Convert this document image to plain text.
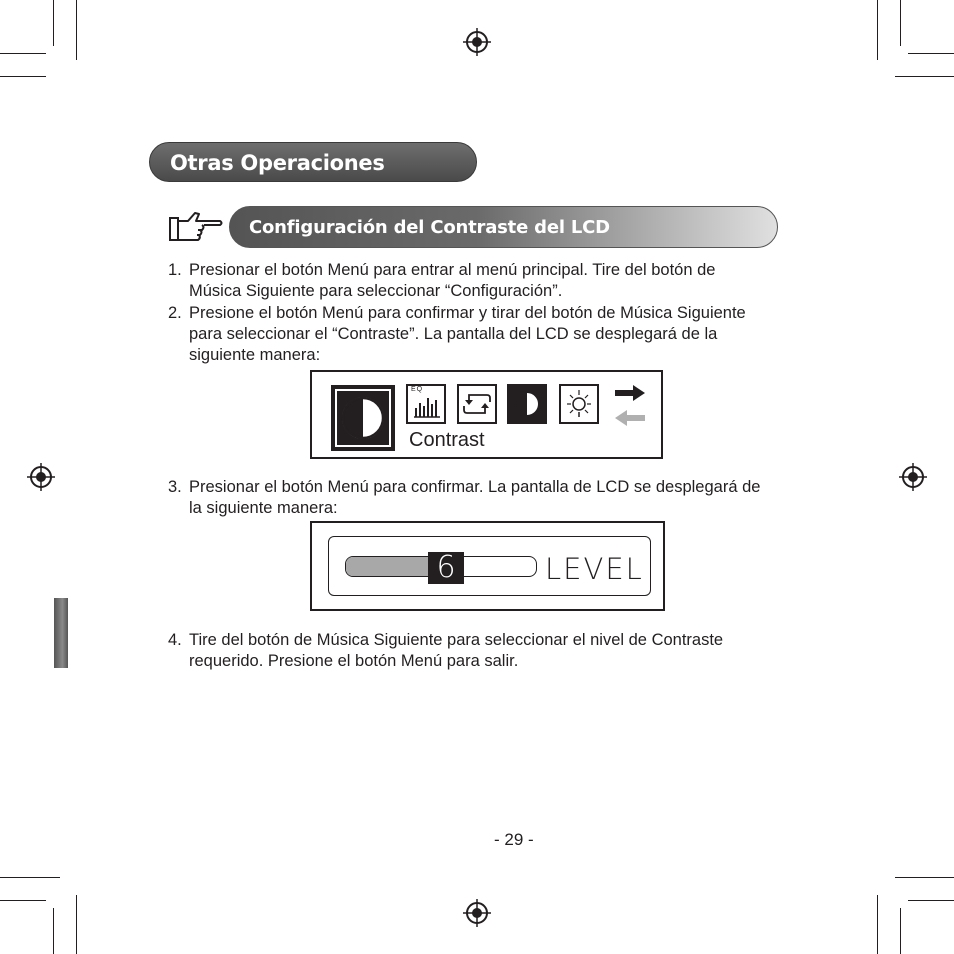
Otras Operaciones
Configuración del Contraste del LCD
1. Presionar el botón Menú para entrar al menú principal. Tire del botón de
Música Siguiente para seleccionar “Configuración”.
2. Presione el botón Menú para confirmar y tirar del botón de Música Siguiente
para seleccionar el “Contraste”. La pantalla del LCD se desplegará de la
siguiente manera:
EQ
Contrast
3. Presionar el botón Menú para confirmar. La pantalla de LCD se desplegará de
la siguiente manera:
6	LEVEL
4. Tire del botón de Música Siguiente para seleccionar el nivel de Contraste
requerido. Presione el botón Menú para salir.
- 29 -
